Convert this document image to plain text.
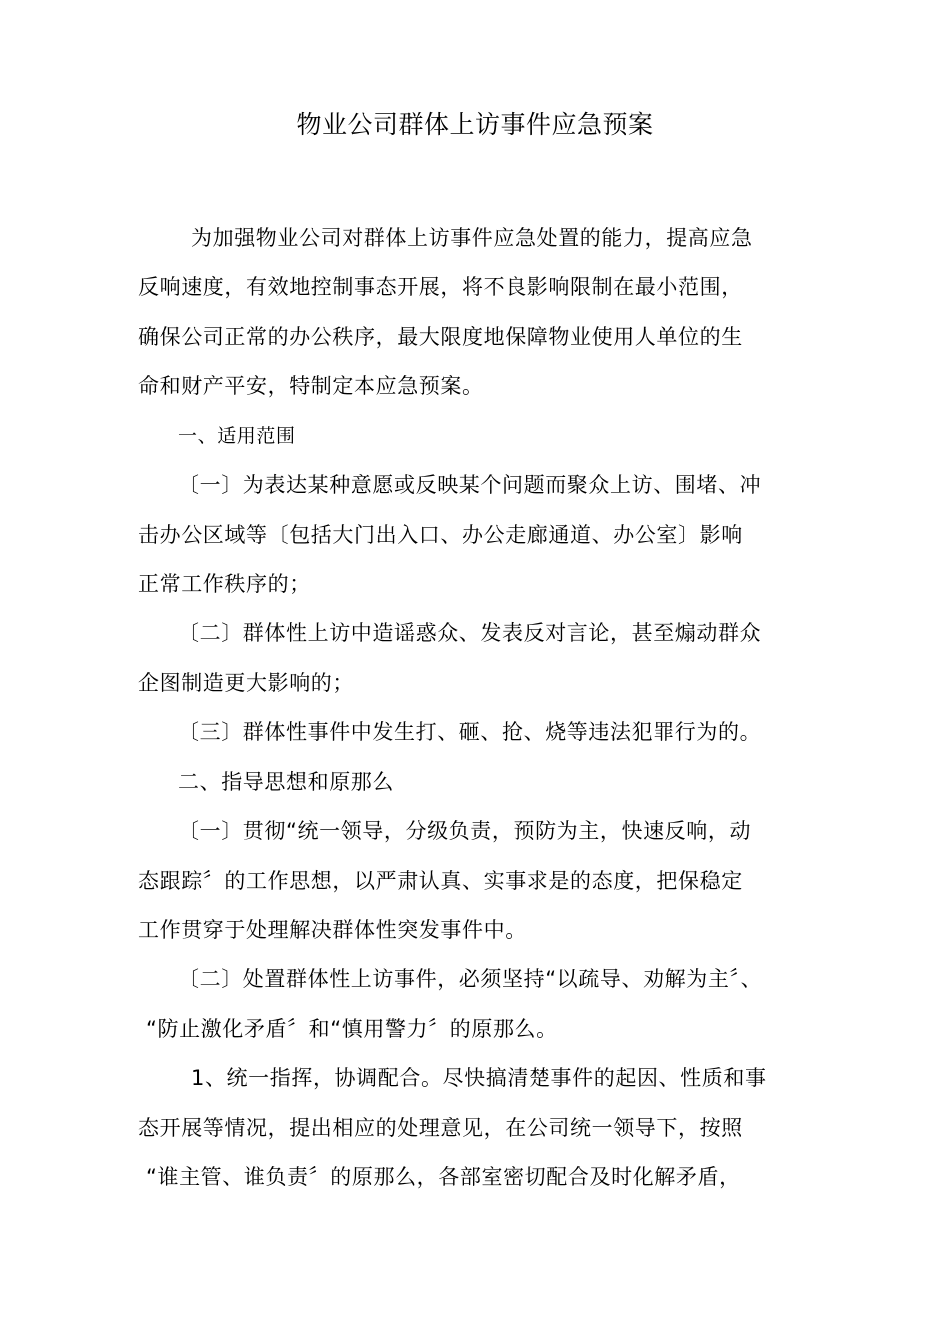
物业公司群体上访事件应急预案
为加强物业公司对群体上访事件应急处置的能力，提高应急
反响速度，有效地控制事态开展，将不良影响限制在最小范围，
确保公司正常的办公秩序，最大限度地保障物业使用人单位的生
命和财产平安，特制定本应急预案。
一、适用范围
〔一〕为表达某种意愿或反映某个问题而聚众上访、围堵、冲
击办公区域等〔包括大门出入口、办公走廊通道、办公室〕影响
正常工作秩序的；
〔二〕群体性上访中造谣惑众、发表反对言论，甚至煽动群众
企图制造更大影响的；
〔三〕群体性事件中发生打、砸、抢、烧等违法犯罪行为的。
二、指导思想和原那么
〔一〕贯彻“统一领导，分级负责，预防为主，快速反响，动
态跟踪〞的工作思想，以严肃认真、实事求是的态度，把保稳定
工作贯穿于处理解决群体性突发事件中。
〔二〕处置群体性上访事件，必须坚持“以疏导、劝解为主〞、
“防止激化矛盾〞和“慎用警力〞的原那么。
1、统一指挥，协调配合。尽快搞清楚事件的起因、性质和事
态开展等情况，提出相应的处理意见，在公司统一领导下，按照
“谁主管、谁负责〞的原那么，各部室密切配合及时化解矛盾，
